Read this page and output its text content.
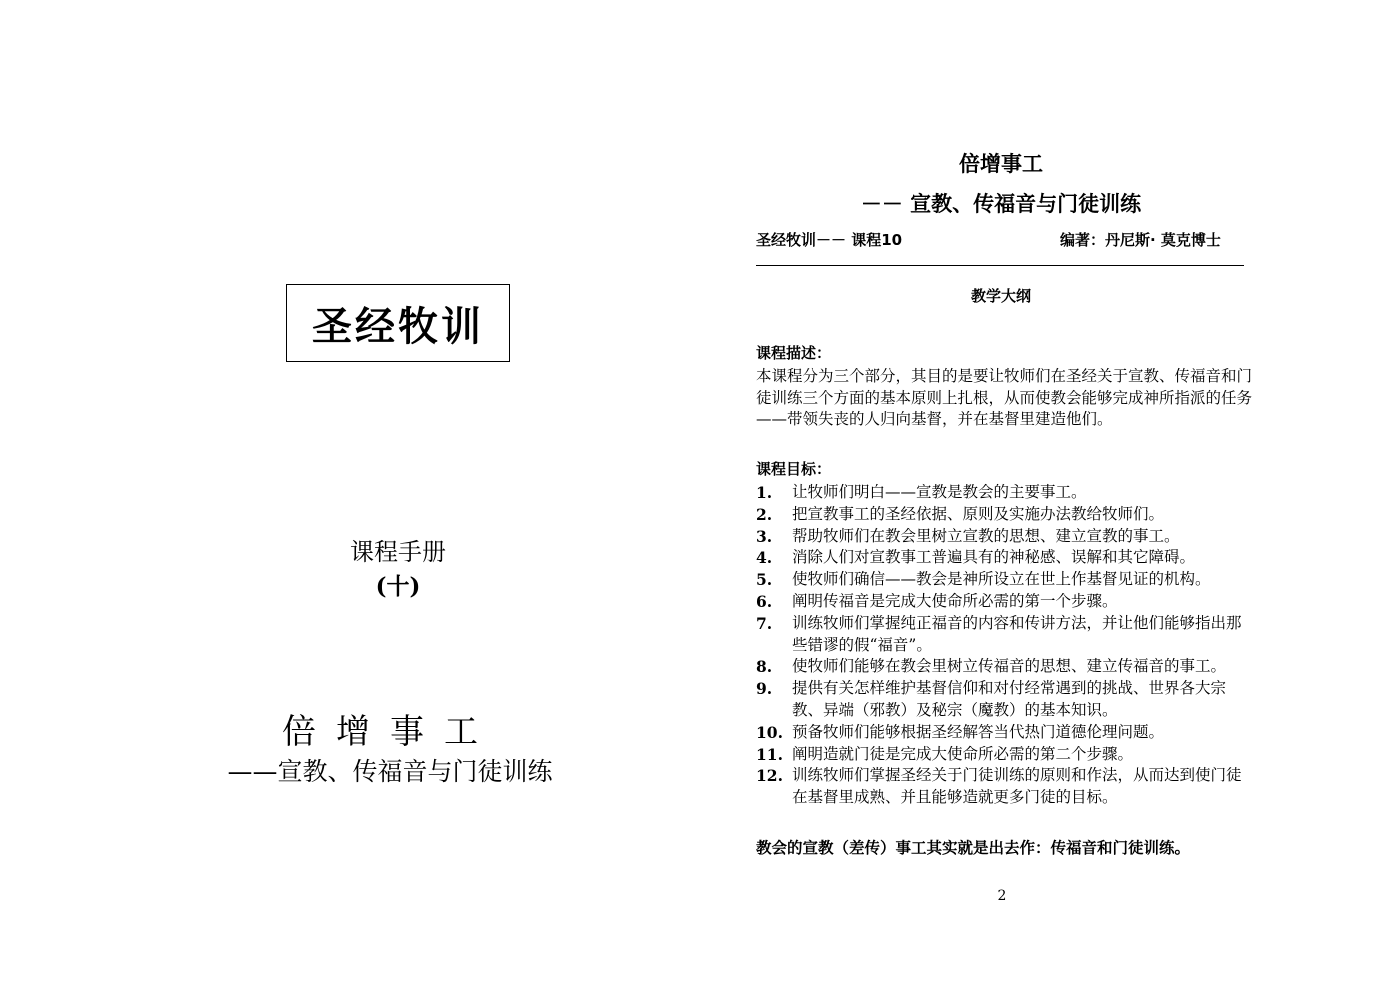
圣经牧训
课程手册
(十)
倍增事工
——宣教、传福音与门徒训练
倍增事工
－－ 宣教、传福音与门徒训练
圣经牧训－－ 课程10	编著：丹尼斯· 莫克博士
教学大纲
课程描述：
本课程分为三个部分，其目的是要让牧师们在圣经关于宣教、传福音和门徒训练三个方面的基本原则上扎根，从而使教会能够完成神所指派的任务——带领失丧的人归向基督，并在基督里建造他们。
课程目标：
1.	让牧师们明白——宣教是教会的主要事工。
2.	把宣教事工的圣经依据、原则及实施办法教给牧师们。
3.	帮助牧师们在教会里树立宣教的思想、建立宣教的事工。
4.	消除人们对宣教事工普遍具有的神秘感、误解和其它障碍。
5.	使牧师们确信——教会是神所设立在世上作基督见证的机构。
6.	阐明传福音是完成大使命所必需的第一个步骤。
7.	训练牧师们掌握纯正福音的内容和传讲方法，并让他们能够指出那些错谬的假“福音”。
8.	使牧师们能够在教会里树立传福音的思想、建立传福音的事工。
9.	提供有关怎样维护基督信仰和对付经常遇到的挑战、世界各大宗教、异端（邪教）及秘宗（魔教）的基本知识。
10. 预备牧师们能够根据圣经解答当代热门道德伦理问题。
11. 阐明造就门徒是完成大使命所必需的第二个步骤。
12. 训练牧师们掌握圣经关于门徒训练的原则和作法，从而达到使门徒在基督里成熟、并且能够造就更多门徒的目标。
教会的宣教（差传）事工其实就是出去作：传福音和门徒训练。
2
